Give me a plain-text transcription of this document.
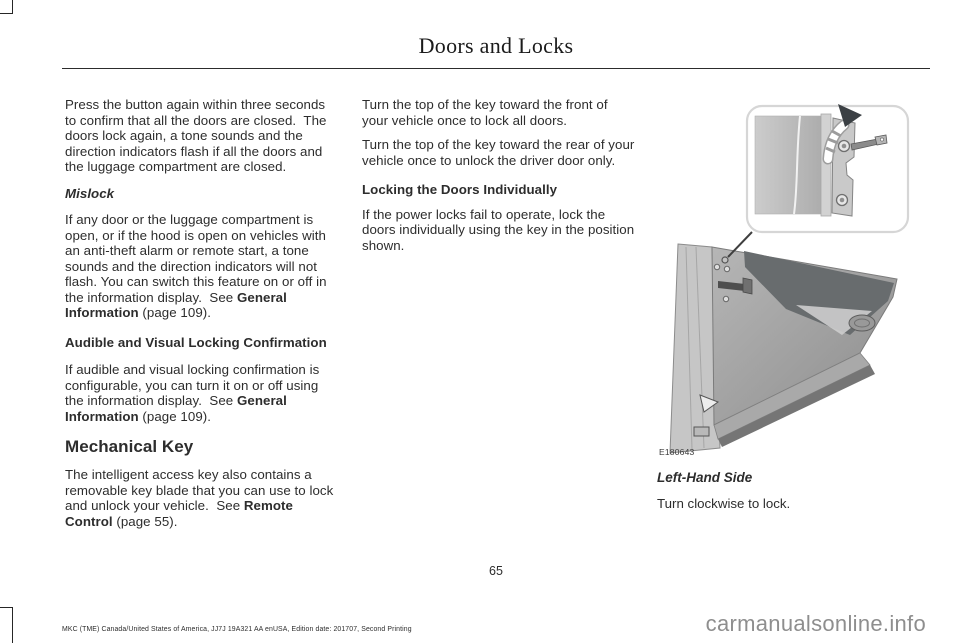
Doors and Locks

Press the button again within three seconds to confirm that all the doors are closed.  The doors lock again, a tone sounds and the direction indicators flash if all the doors and the luggage compartment are closed.

Mislock

If any door or the luggage compartment is open, or if the hood is open on vehicles with an anti-theft alarm or remote start, a tone sounds and the direction indicators will not flash. You can switch this feature on or off in the information display.  See General Information (page 109).

Audible and Visual Locking Confirmation

If audible and visual locking confirmation is configurable, you can turn it on or off using the information display.  See General Information (page 109).

Mechanical Key

The intelligent access key also contains a removable key blade that you can use to lock and unlock your vehicle.  See Remote Control (page 55).

Turn the top of the key toward the front of your vehicle once to lock all doors.

Turn the top of the key toward the rear of your vehicle once to unlock the driver door only.

Locking the Doors Individually

If the power locks fail to operate, lock the doors individually using the key in the position shown.

E180643
Left-Hand Side
Turn clockwise to lock.
65
MKC (TME) Canada/United States of America, JJ7J 19A321 AA enUSA, Edition date: 201707, Second Printing	carmanualsonline.info
